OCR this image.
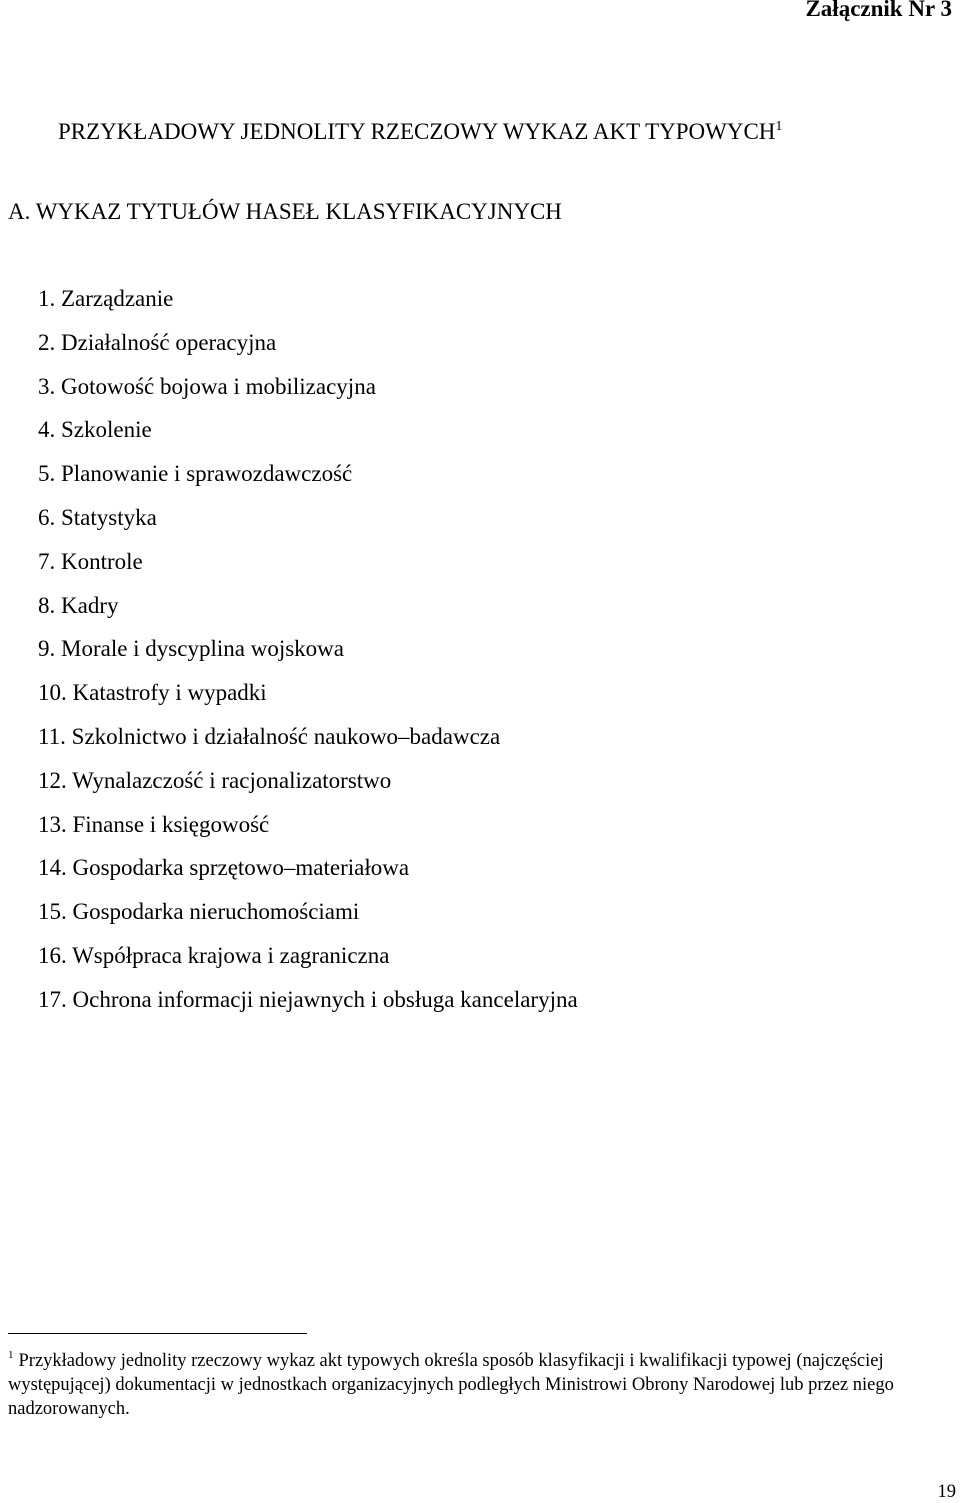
Załącznik Nr 3

PRZYKŁADOWY JEDNOLITY RZECZOWY WYKAZ AKT TYPOWYCH$^1$
A. WYKAZ TYTUŁÓW HASEŁ KLASYFIKACYJNYCH
1. Zarządzanie
2. Działalność operacyjna
3. Gotowość bojowa i mobilizacyjna
4. Szkolenie
5. Planowanie i sprawozdawczość
6. Statystyka
7. Kontrole
8. Kadry
9. Morale i dyscyplina wojskowa
10. Katastrofy i wypadki
11. Szkolnictwo i działalność naukowo–badawcza
12. Wynalazczość i racjonalizatorstwo
13. Finanse i księgowość
14. Gospodarka sprzętowo–materiałowa
15. Gospodarka nieruchomościami
16. Współpraca krajowa i zagraniczna
17. Ochrona informacji niejawnych i obsługa kancelaryjna

$^1$ Przykładowy jednolity rzeczowy wykaz akt typowych określa sposób klasyfikacji i kwalifikacji typowej (najczęściej występującej) dokumentacji w jednostkach organizacyjnych podległych Ministrowi Obrony Narodowej lub przez niego nadzorowanych.

19
